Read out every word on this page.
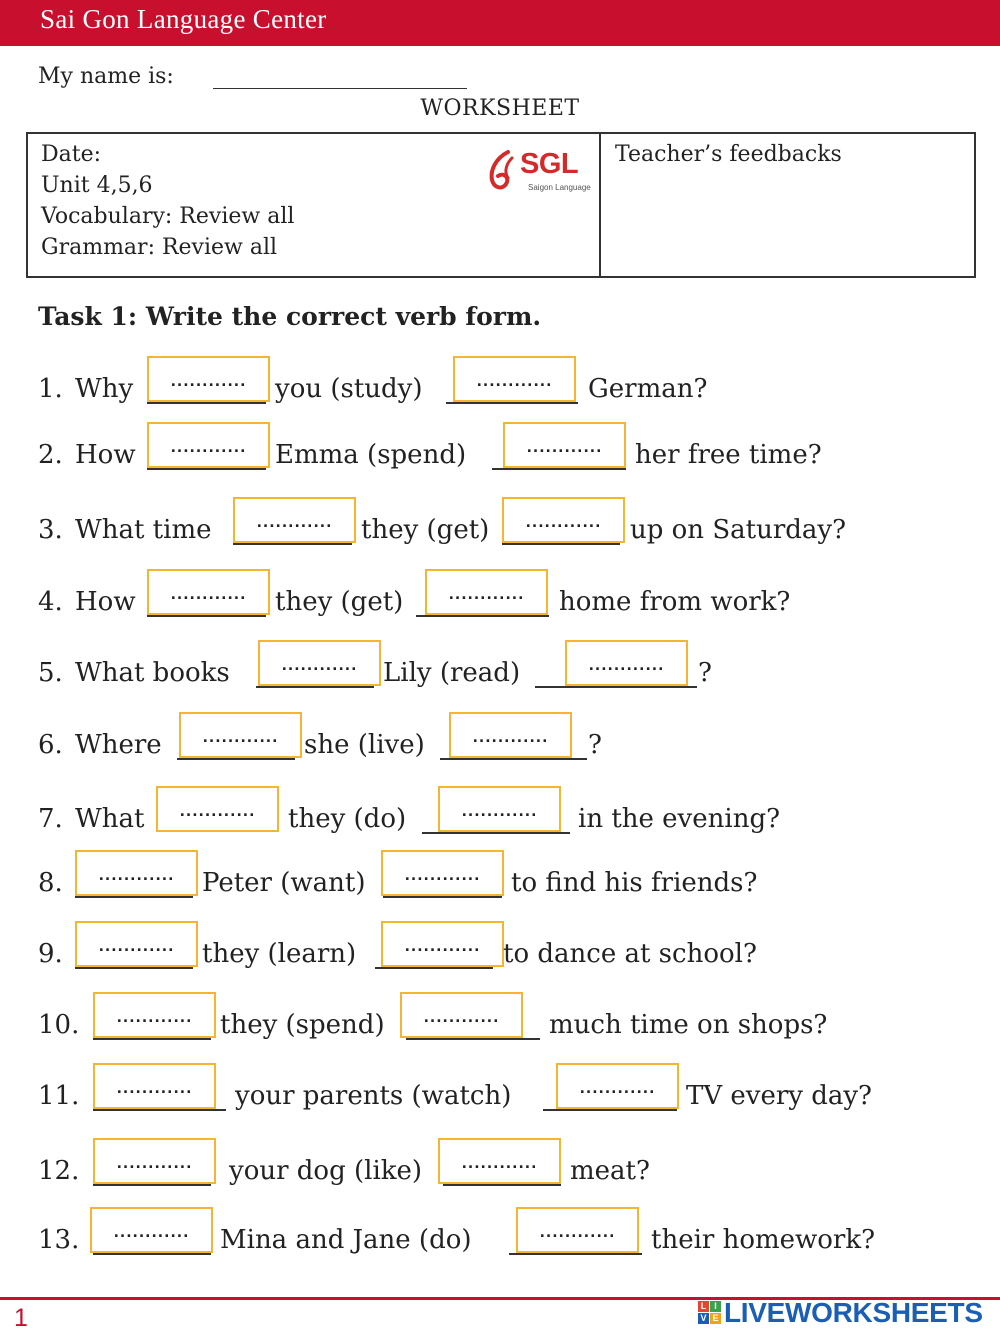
Sai Gon Language Center
My name is:
WORKSHEET
Date:
Unit 4,5,6
Vocabulary: Review all
Grammar: Review all
SGL
Saigon Language
Teacher’s feedbacks
Task 1: Write the correct verb form.
1. Why	............	you (study)	............	German?
2. How	............	Emma (spend)	............	her free time?
3. What time	............	they (get)	............	up on Saturday?
4. How	............	they (get)	............	home from work?
5. What books	............ Lily (read)	............	?
6. Where	............ she (live)	............	?
7. What	............	they (do)	............	in the evening?
8.	............	Peter (want)	............	to find his friends?
9.	............	they (learn)	............ to dance at school?
10.	............	they (spend)	............	much time on shops?
11.	............	your parents (watch)	............	TV every day?
12.	............	your dog (like)	............	meat?
13.	............	Mina and Jane (do)	............	their homework?
1	L I
V E LIVEWORKSHEETS
